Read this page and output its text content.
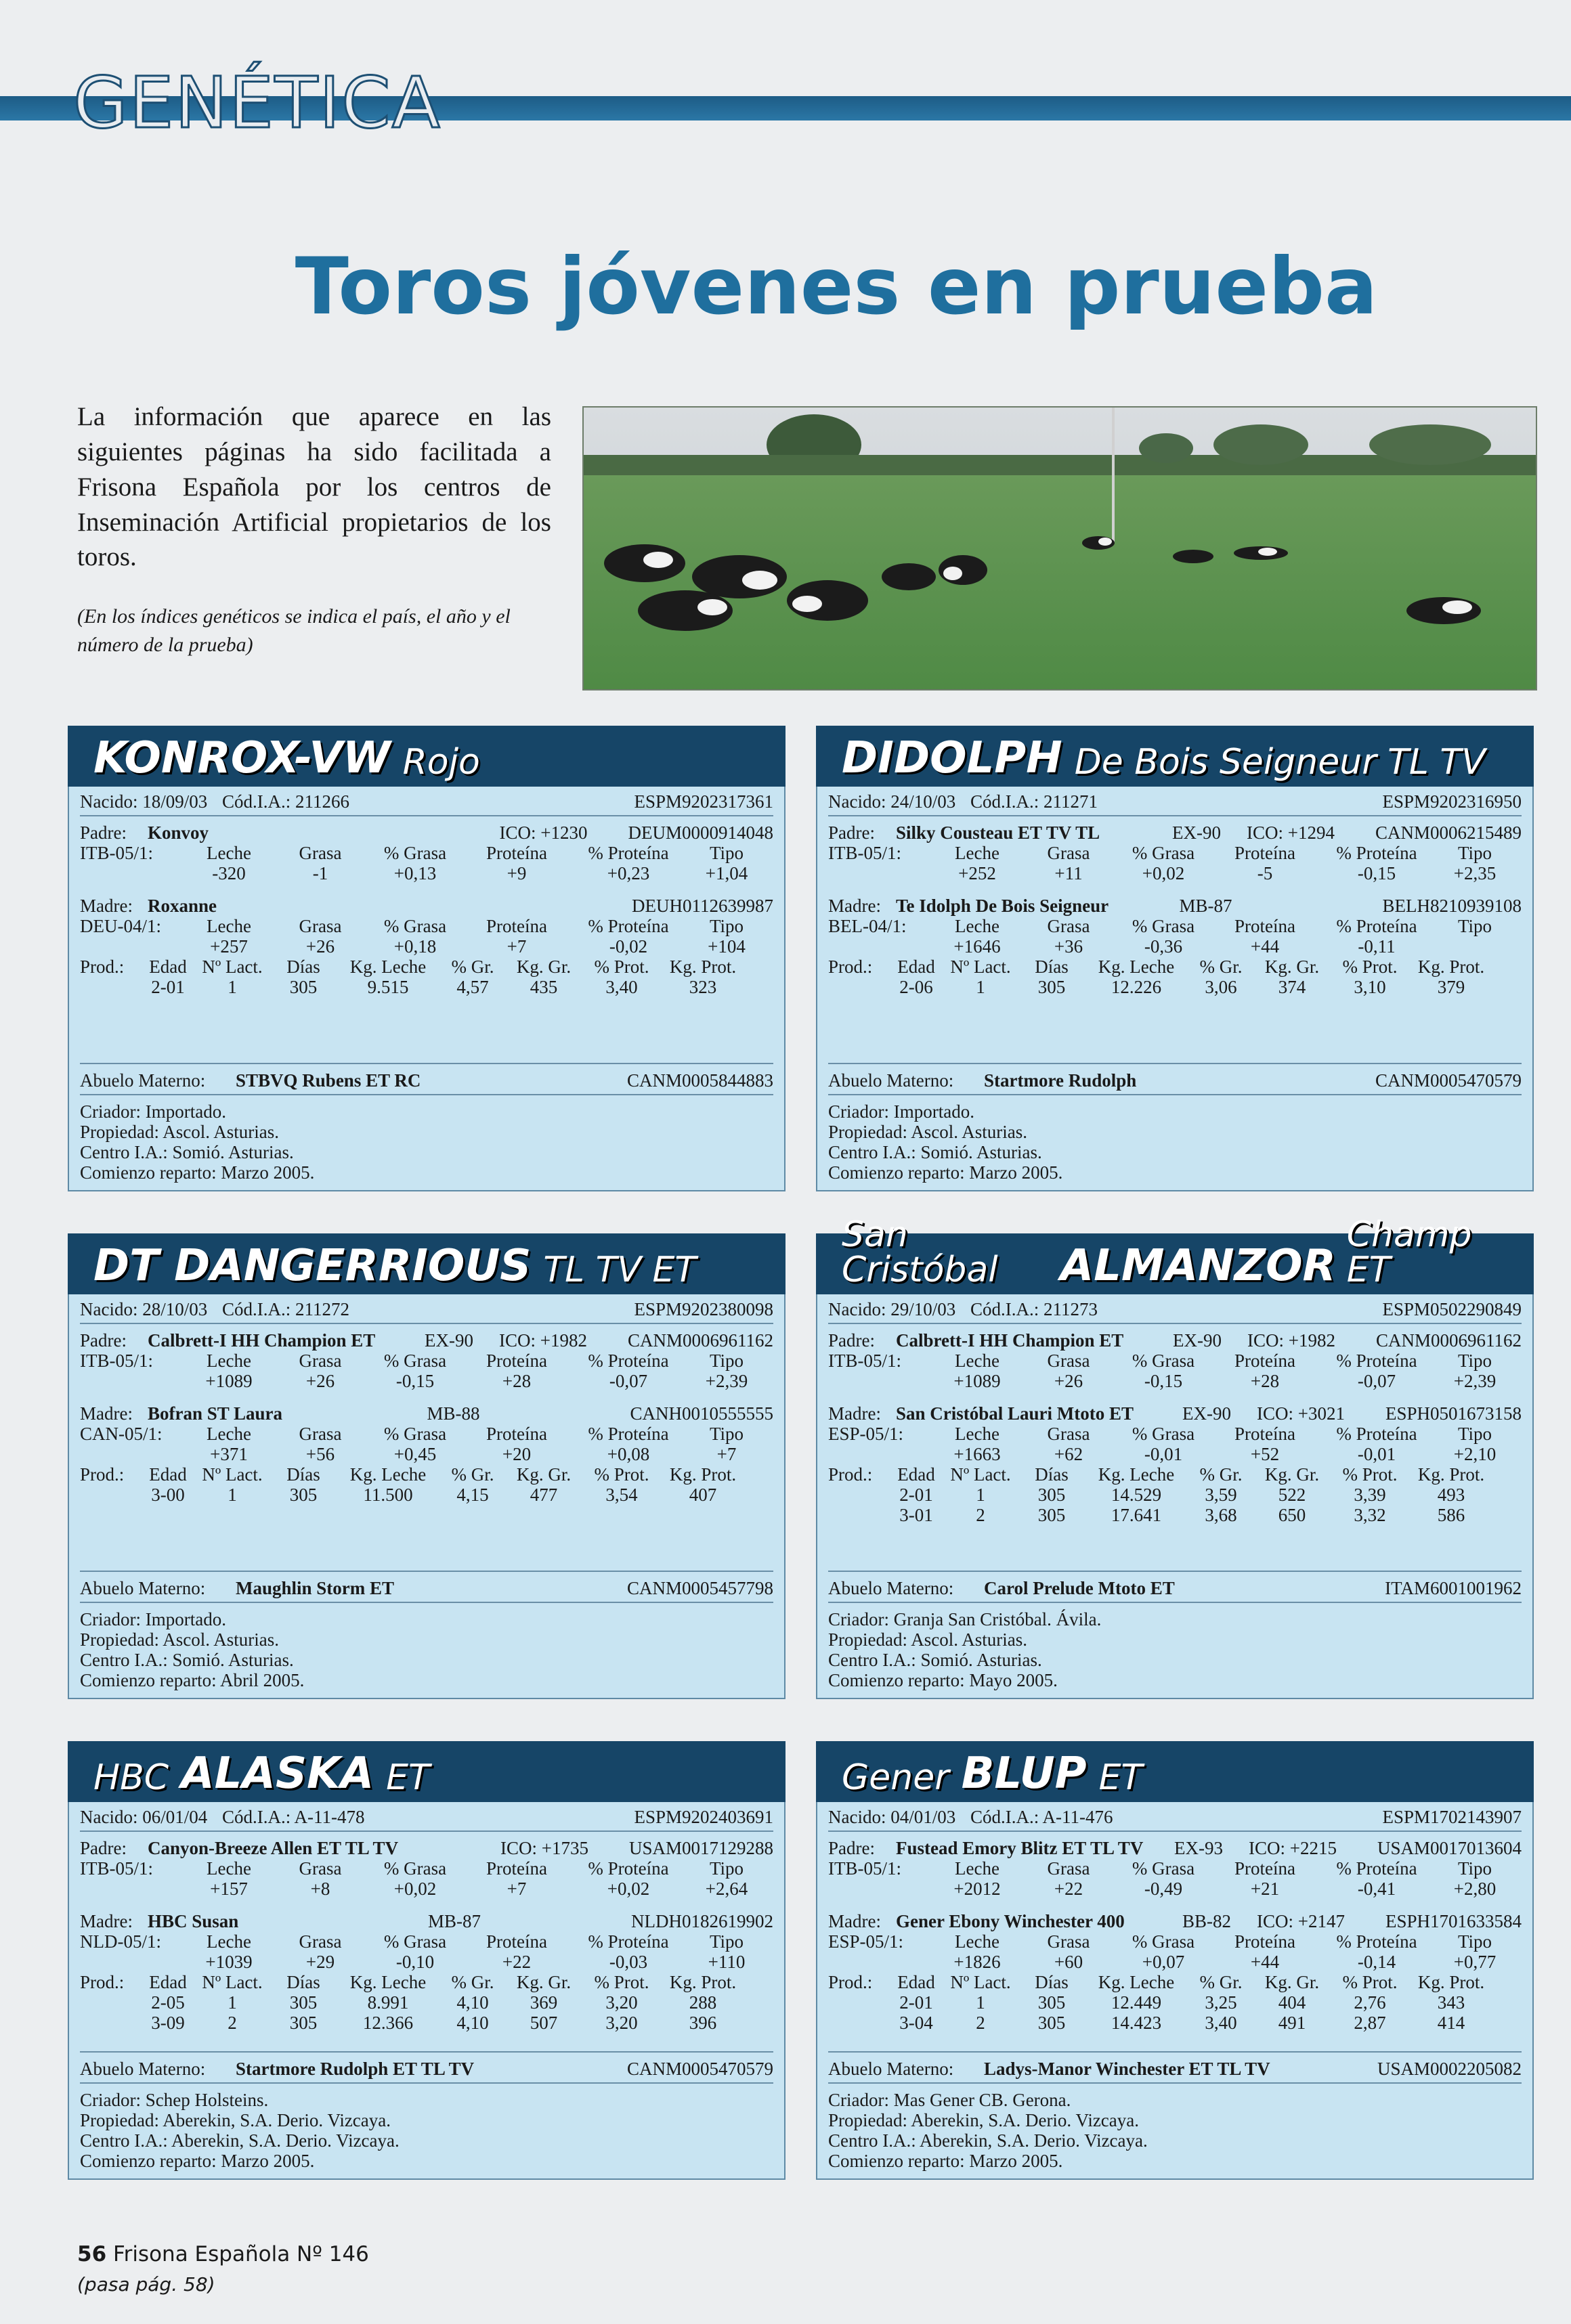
GENÉTICA
Toros jóvenes en prueba
La información que aparece en las siguientes páginas ha sido facilitada a Frisona Española por los centros de Inseminación Artificial propietarios de los toros.
(En los índices genéticos se indica el país, el año y el número de la prueba)
KONROX-VW Rojo
Nacido: 18/09/03 Cód.I.A.: 211266	ESPM9202317361
Padre:	Konvoy	ICO: +1230	DEUM0000914048
ITB-05/1:	Leche	Grasa	% Grasa	Proteína	% Proteína	Tipo
-320	-1	+0,13	+9	+0,23	+1,04
Madre: Roxanne	DEUH0112639987
DEU-04/1:	Leche	Grasa	% Grasa	Proteína	% Proteína	Tipo
+257	+26	+0,18	+7	-0,02	+104
Prod.:	Edad Nº Lact.	Días	Kg. Leche	% Gr.	Kg. Gr.	% Prot.	Kg. Prot.
2-01	1	305	9.515	4,57	435	3,40	323
Abuelo Materno:	STBVQ Rubens ET RC	CANM0005844883
Criador: Importado.
Propiedad: Ascol. Asturias.
Centro I.A.: Somió. Asturias.
Comienzo reparto: Marzo 2005.
DIDOLPH De Bois Seigneur TL TV
Nacido: 24/10/03 Cód.I.A.: 211271	ESPM9202316950
Padre:	Silky Cousteau ET TV TL	EX-90	ICO: +1294	CANM0006215489
ITB-05/1:	Leche	Grasa	% Grasa	Proteína	% Proteína	Tipo
+252	+11	+0,02	-5	-0,15	+2,35
Madre: Te Idolph De Bois Seigneur	MB-87	BELH8210939108
BEL-04/1:	Leche	Grasa	% Grasa	Proteína	% Proteína	Tipo
+1646	+36	-0,36	+44	-0,11
Prod.:	Edad Nº Lact.	Días	Kg. Leche	% Gr.	Kg. Gr.	% Prot.	Kg. Prot.
2-06	1	305	12.226	3,06	374	3,10	379
Abuelo Materno:	Startmore Rudolph	CANM0005470579
Criador: Importado.
Propiedad: Ascol. Asturias.
Centro I.A.: Somió. Asturias.
Comienzo reparto: Marzo 2005.
DT DANGERRIOUS TL TV ET
Nacido: 28/10/03 Cód.I.A.: 211272	ESPM9202380098
Padre:	Calbrett-I HH Champion ET	EX-90	ICO: +1982	CANM0006961162
ITB-05/1:	Leche	Grasa	% Grasa	Proteína	% Proteína	Tipo
+1089	+26	-0,15	+28	-0,07	+2,39
Madre: Bofran ST Laura	MB-88	CANH0010555555
CAN-05/1:	Leche	Grasa	% Grasa	Proteína	% Proteína	Tipo
+371	+56	+0,45	+20	+0,08	+7
Prod.:	Edad Nº Lact.	Días	Kg. Leche	% Gr.	Kg. Gr.	% Prot.	Kg. Prot.
3-00	1	305	11.500	4,15	477	3,54	407
Abuelo Materno:	Maughlin Storm ET	CANM0005457798
Criador: Importado.
Propiedad: Ascol. Asturias.
Centro I.A.: Somió. Asturias.
Comienzo reparto: Abril 2005.
San Cristóbal	ALMANZOR
Champ ET
Nacido: 29/10/03 Cód.I.A.: 211273	ESPM0502290849
Padre:	Calbrett-I HH Champion ET	EX-90	ICO: +1982	CANM0006961162
ITB-05/1:	Leche	Grasa	% Grasa	Proteína	% Proteína	Tipo
+1089	+26	-0,15	+28	-0,07	+2,39
Madre: San Cristóbal Lauri Mtoto ET	EX-90	ICO: +3021	ESPH0501673158
ESP-05/1:	Leche	Grasa	% Grasa	Proteína	% Proteína	Tipo
+1663	+62	-0,01	+52	-0,01	+2,10
Prod.:	Edad Nº Lact.	Días	Kg. Leche	% Gr.	Kg. Gr.	% Prot.	Kg. Prot.
2-01	1	305	14.529	3,59	522	3,39	493
3-01	2	305	17.641	3,68	650	3,32	586
Abuelo Materno:	Carol Prelude Mtoto ET	ITAM6001001962
Criador: Granja San Cristóbal. Ávila.
Propiedad: Ascol. Asturias.
Centro I.A.: Somió. Asturias.
Comienzo reparto: Mayo 2005.
HBC ALASKA ET
Nacido: 06/01/04 Cód.I.A.: A-11-478	ESPM9202403691
Padre:	Canyon-Breeze Allen ET TL TV	ICO: +1735	USAM0017129288
ITB-05/1:	Leche	Grasa	% Grasa	Proteína	% Proteína	Tipo
+157	+8	+0,02	+7	+0,02	+2,64
Madre: HBC Susan	MB-87	NLDH0182619902
NLD-05/1:	Leche	Grasa	% Grasa	Proteína	% Proteína	Tipo
+1039	+29	-0,10	+22	-0,03	+110
Prod.:	Edad Nº Lact.	Días	Kg. Leche	% Gr.	Kg. Gr.	% Prot.	Kg. Prot.
2-05	1	305	8.991	4,10	369	3,20	288
3-09	2	305	12.366	4,10	507	3,20	396
Abuelo Materno:	Startmore Rudolph ET TL TV	CANM0005470579
Criador: Schep Holsteins.
Propiedad: Aberekin, S.A. Derio. Vizcaya.
Centro I.A.: Aberekin, S.A. Derio. Vizcaya.
Comienzo reparto: Marzo 2005.
Gener BLUP ET
Nacido: 04/01/03 Cód.I.A.: A-11-476	ESPM1702143907
Padre:	Fustead Emory Blitz ET TL TV	EX-93	ICO: +2215	USAM0017013604
ITB-05/1:	Leche	Grasa	% Grasa	Proteína	% Proteína	Tipo
+2012	+22	-0,49	+21	-0,41	+2,80
Madre: Gener Ebony Winchester 400	BB-82	ICO: +2147	ESPH1701633584
ESP-05/1:	Leche	Grasa	% Grasa	Proteína	% Proteína	Tipo
+1826	+60	+0,07	+44	-0,14	+0,77
Prod.:	Edad Nº Lact.	Días	Kg. Leche	% Gr.	Kg. Gr.	% Prot.	Kg. Prot.
2-01	1	305	12.449	3,25	404	2,76	343
3-04	2	305	14.423	3,40	491	2,87	414
Abuelo Materno:	Ladys-Manor Winchester ET TL TV	USAM0002205082
Criador: Mas Gener CB. Gerona.
Propiedad: Aberekin, S.A. Derio. Vizcaya.
Centro I.A.: Aberekin, S.A. Derio. Vizcaya.
Comienzo reparto: Marzo 2005.
56 Frisona Española Nº 146
(pasa pág. 58)
